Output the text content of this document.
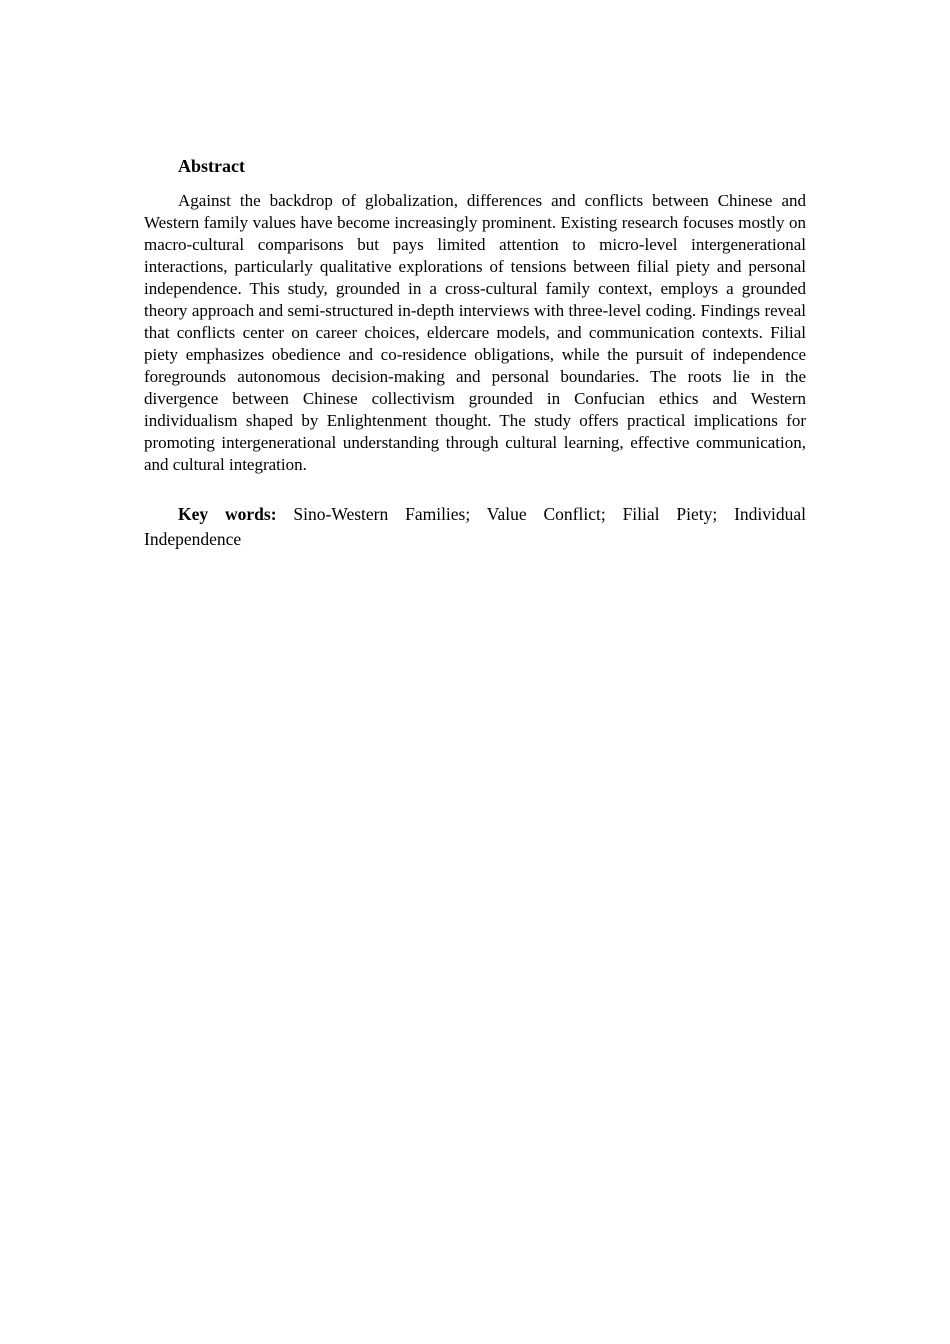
Abstract

Against the backdrop of globalization, differences and conflicts between Chinese and Western family values have become increasingly prominent. Existing research focuses mostly on macro-cultural comparisons but pays limited attention to micro-level intergenerational interactions, particularly qualitative explorations of tensions between filial piety and personal independence. This study, grounded in a cross-cultural family context, employs a grounded theory approach and semi-structured in-depth interviews with three-level coding. Findings reveal that conflicts center on career choices, eldercare models, and communication contexts. Filial piety emphasizes obedience and co-residence obligations, while the pursuit of independence foregrounds autonomous decision-making and personal boundaries. The roots lie in the divergence between Chinese collectivism grounded in Confucian ethics and Western individualism shaped by Enlightenment thought. The study offers practical implications for promoting intergenerational understanding through cultural learning, effective communication, and cultural integration.

Key words: Sino-Western Families; Value Conflict; Filial Piety; Individual Independence
